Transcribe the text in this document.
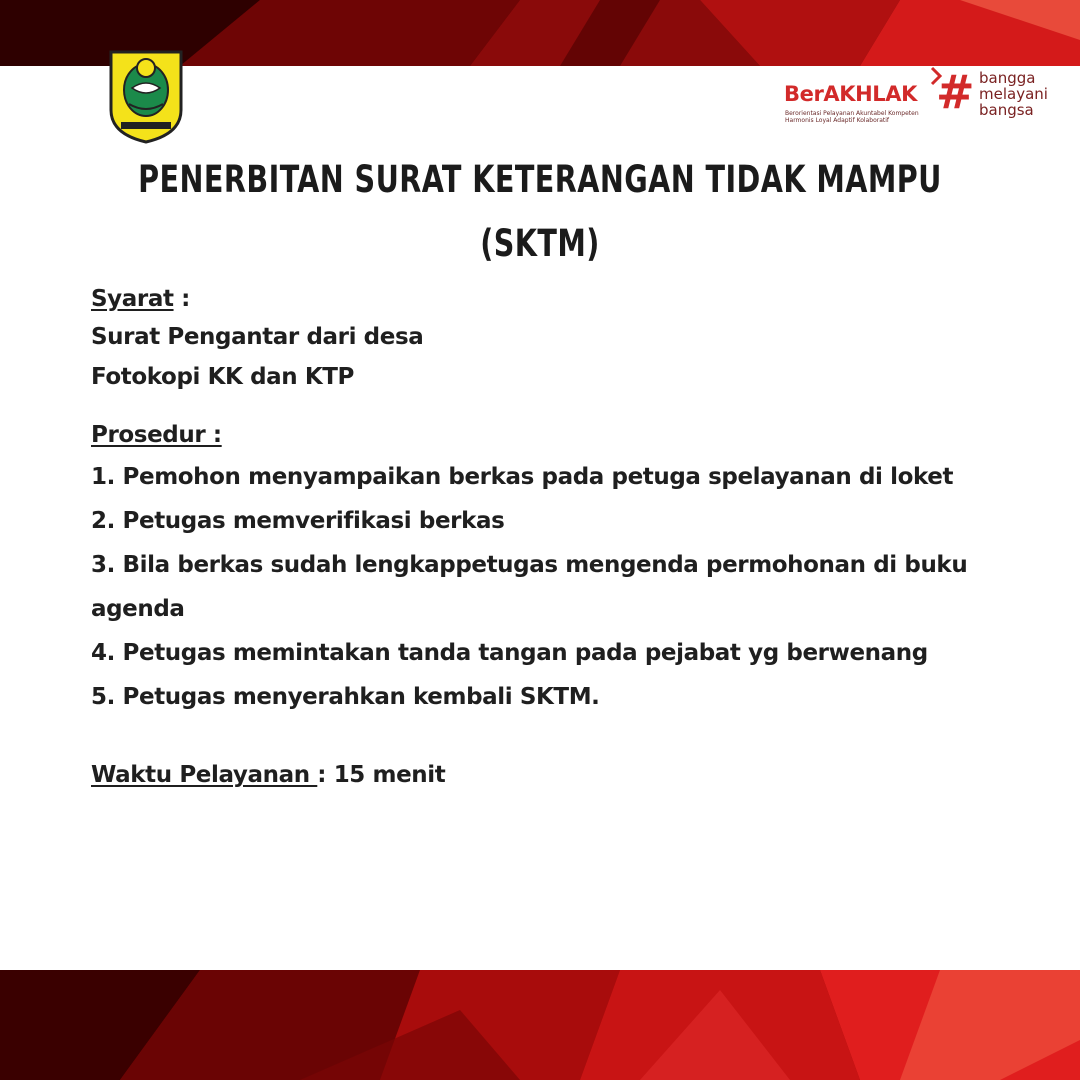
BerAKHLAK
Berorientasi Pelayanan Akuntabel Kompeten
Harmonis Loyal Adaptif Kolaboratif
# bangga
melayani
bangsa
PENERBITAN SURAT KETERANGAN TIDAK MAMPU
(SKTM)
Syarat :
Surat Pengantar dari desa
Fotokopi KK dan KTP
Prosedur :
1. Pemohon menyampaikan berkas pada petuga spelayanan di loket
2. Petugas memverifikasi berkas
3. Bila berkas sudah lengkappetugas mengenda permohonan di buku
agenda
4. Petugas memintakan tanda tangan pada pejabat yg berwenang
5. Petugas menyerahkan kembali SKTM.
Waktu Pelayanan : 15 menit
